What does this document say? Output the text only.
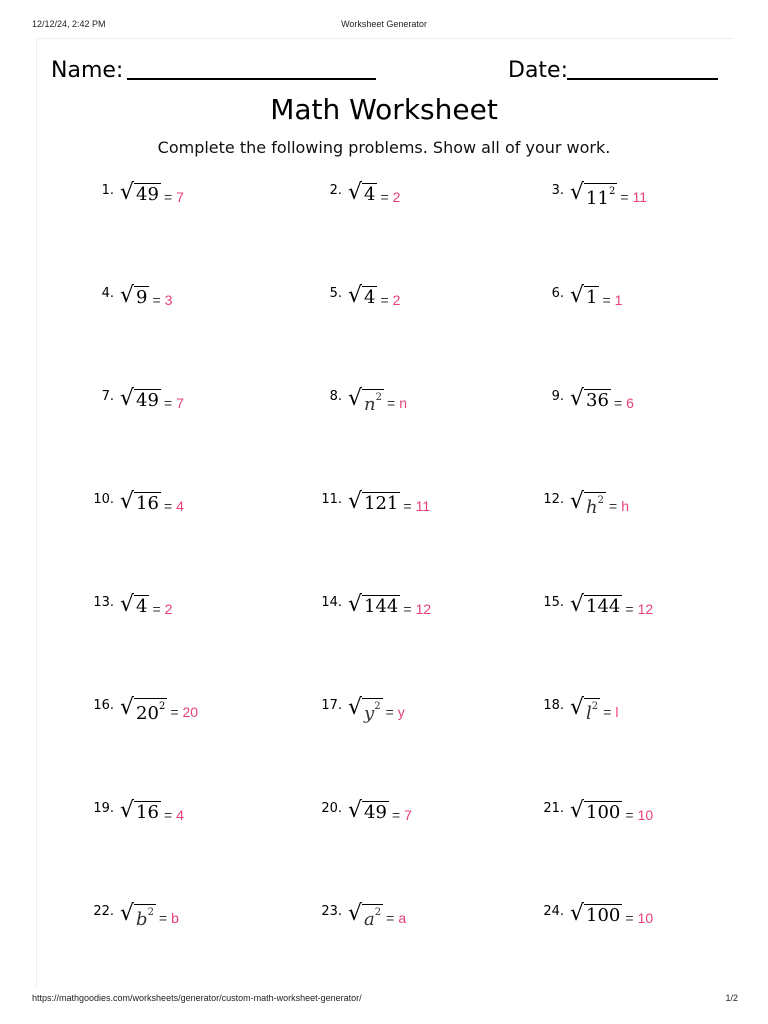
12/12/24, 2:42 PM	Worksheet Generator
Name:	Date:
Math Worksheet
Complete the following problems. Show all of your work.
1. √ 49 = 7	2. √ 4 = 2	3. √ $11^2 = 11$
4. √ 9 = 3	5. √ 4 = 2	6. √ 1 = 1
7. √ 49 = 7	8. √ $n^2 = n$	9. √ 36 = 6
10. √ 16 = 4	11. √ 121 = 11	12. √ $h^2 = h$
13. √ 4 = 2	14. √ 144 = 12	15. √ 144 = 12
16. √ $20^2 = 20$	17. √ $y^2 = y$	18. √ $l^2 = l$
19. √ 16 = 4	20. √ 49 = 7	21. √ 100 = 10
22. √ $b^2 = b$	23. √ $a^2 = a$	24. √ 100 = 10
https://mathgoodies.com/worksheets/generator/custom-math-worksheet-generator/	1/2
